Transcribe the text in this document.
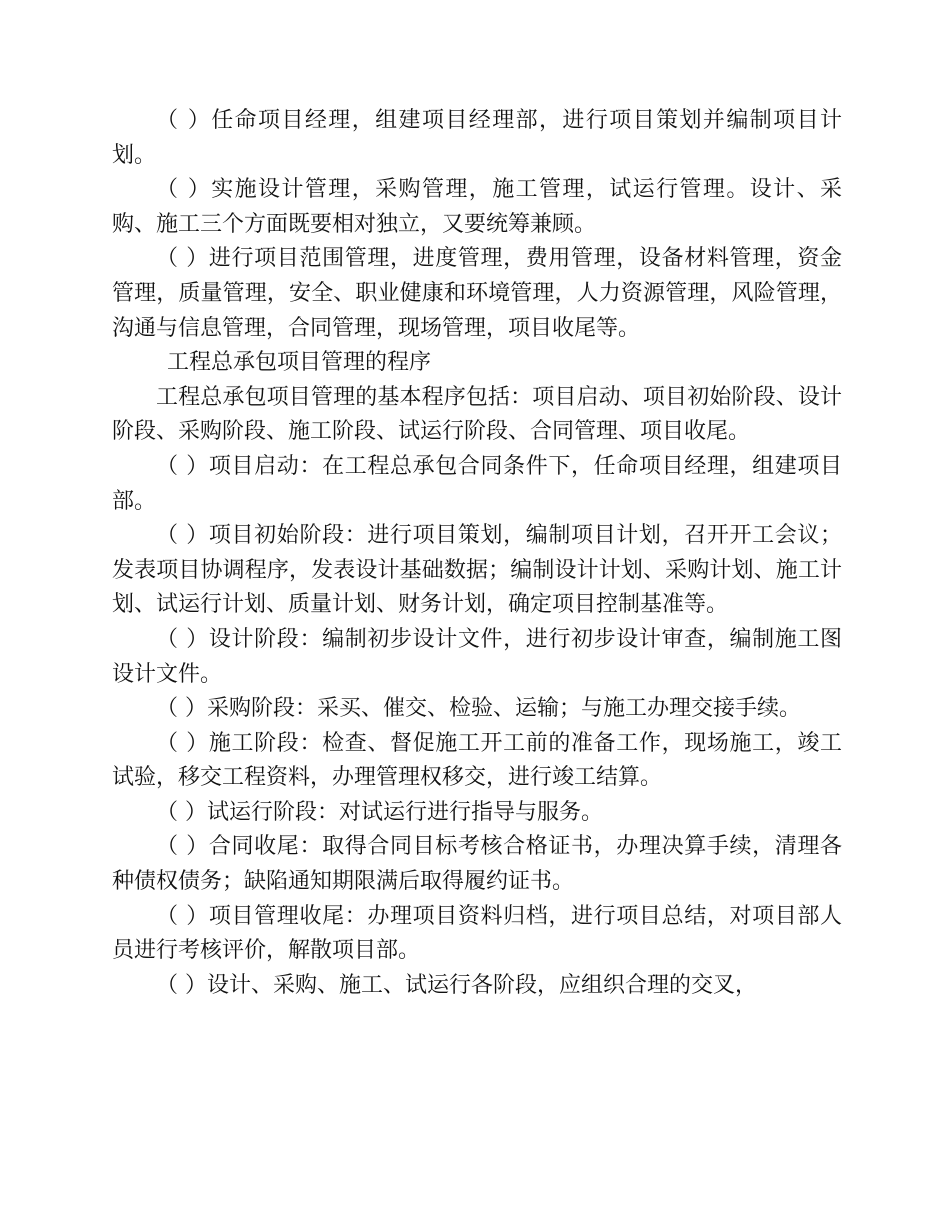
（ ）任命项目经理，组建项目经理部，进行项目策划并编制项目计划。

（ ）实施设计管理，采购管理，施工管理，试运行管理。设计、采购、施工三个方面既要相对独立，又要统筹兼顾。

（ ）进行项目范围管理，进度管理，费用管理，设备材料管理，资金管理，质量管理，安全、职业健康和环境管理，人力资源管理，风险管理，沟通与信息管理，合同管理，现场管理，项目收尾等。

工程总承包项目管理的程序

工程总承包项目管理的基本程序包括：项目启动、项目初始阶段、设计阶段、采购阶段、施工阶段、试运行阶段、合同管理、项目收尾。

（ ）项目启动：在工程总承包合同条件下，任命项目经理，组建项目部。

（ ）项目初始阶段：进行项目策划，编制项目计划，召开开工会议；发表项目协调程序，发表设计基础数据；编制设计计划、采购计划、施工计划、试运行计划、质量计划、财务计划，确定项目控制基准等。

（ ）设计阶段：编制初步设计文件，进行初步设计审查，编制施工图设计文件。

（ ）采购阶段：采买、催交、检验、运输；与施工办理交接手续。

（ ）施工阶段：检查、督促施工开工前的准备工作，现场施工，竣工试验，移交工程资料，办理管理权移交，进行竣工结算。

（ ）试运行阶段：对试运行进行指导与服务。

（ ）合同收尾：取得合同目标考核合格证书，办理决算手续，清理各种债权债务；缺陷通知期限满后取得履约证书。

（ ）项目管理收尾：办理项目资料归档，进行项目总结，对项目部人员进行考核评价，解散项目部。

（ ）设计、采购、施工、试运行各阶段，应组织合理的交叉，
